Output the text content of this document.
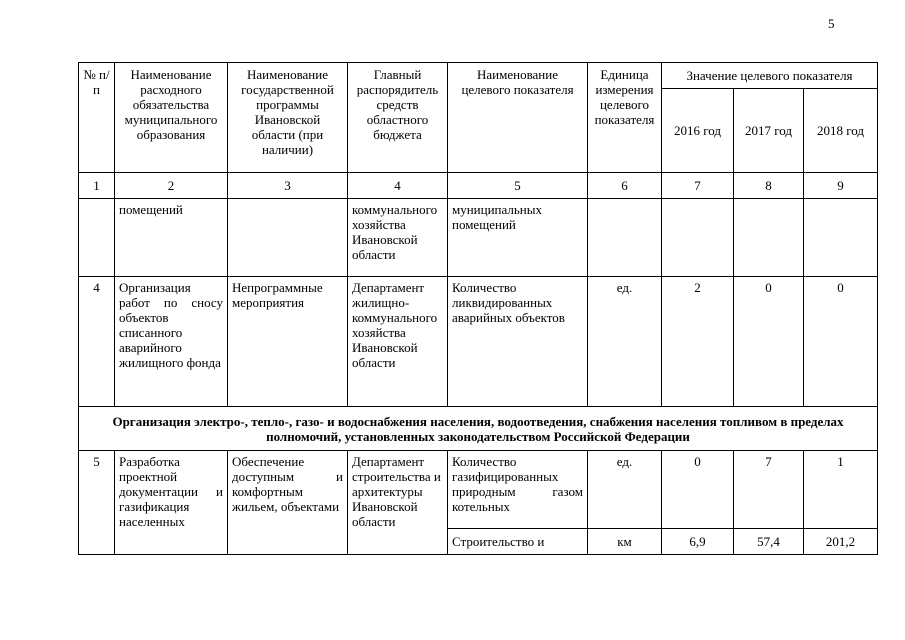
5
№ п/п	Наименование расходного обязательства муниципального образования	Наименование государственной программы Ивановской области (при наличии)	Главный распорядитель средств областного бюджета	Наименование целевого показателя	Единица измерения целевого показателя	Значение целевого показателя		
						2016 год	2017 год	2018 год
1	2	3	4	5	6	7	8	9
	помещений		коммунального хозяйства Ивановской области	муниципальных помещений				
4	Организация работ по сносу объектов списанного аварийного жилищного фонда	Непрограммные мероприятия	Департамент жилищно-коммунального хозяйства Ивановской области	Количество ликвидированных аварийных объектов	ед.	2	0	0
Организация электро-, тепло-, газо- и водоснабжения населения, водоотведения, снабжения населения топливом в пределах полномочий, установленных законодательством Российской Федерации								
5	Разработка проектной документации и газификация населенных	Обеспечение доступным и комфортным жильем, объектами	Департамент строительства и архитектуры Ивановской области	Количество газифицированных природным газом котельных	ед.	0	7	1
				Строительство и	км	6,9	57,4	201,2
